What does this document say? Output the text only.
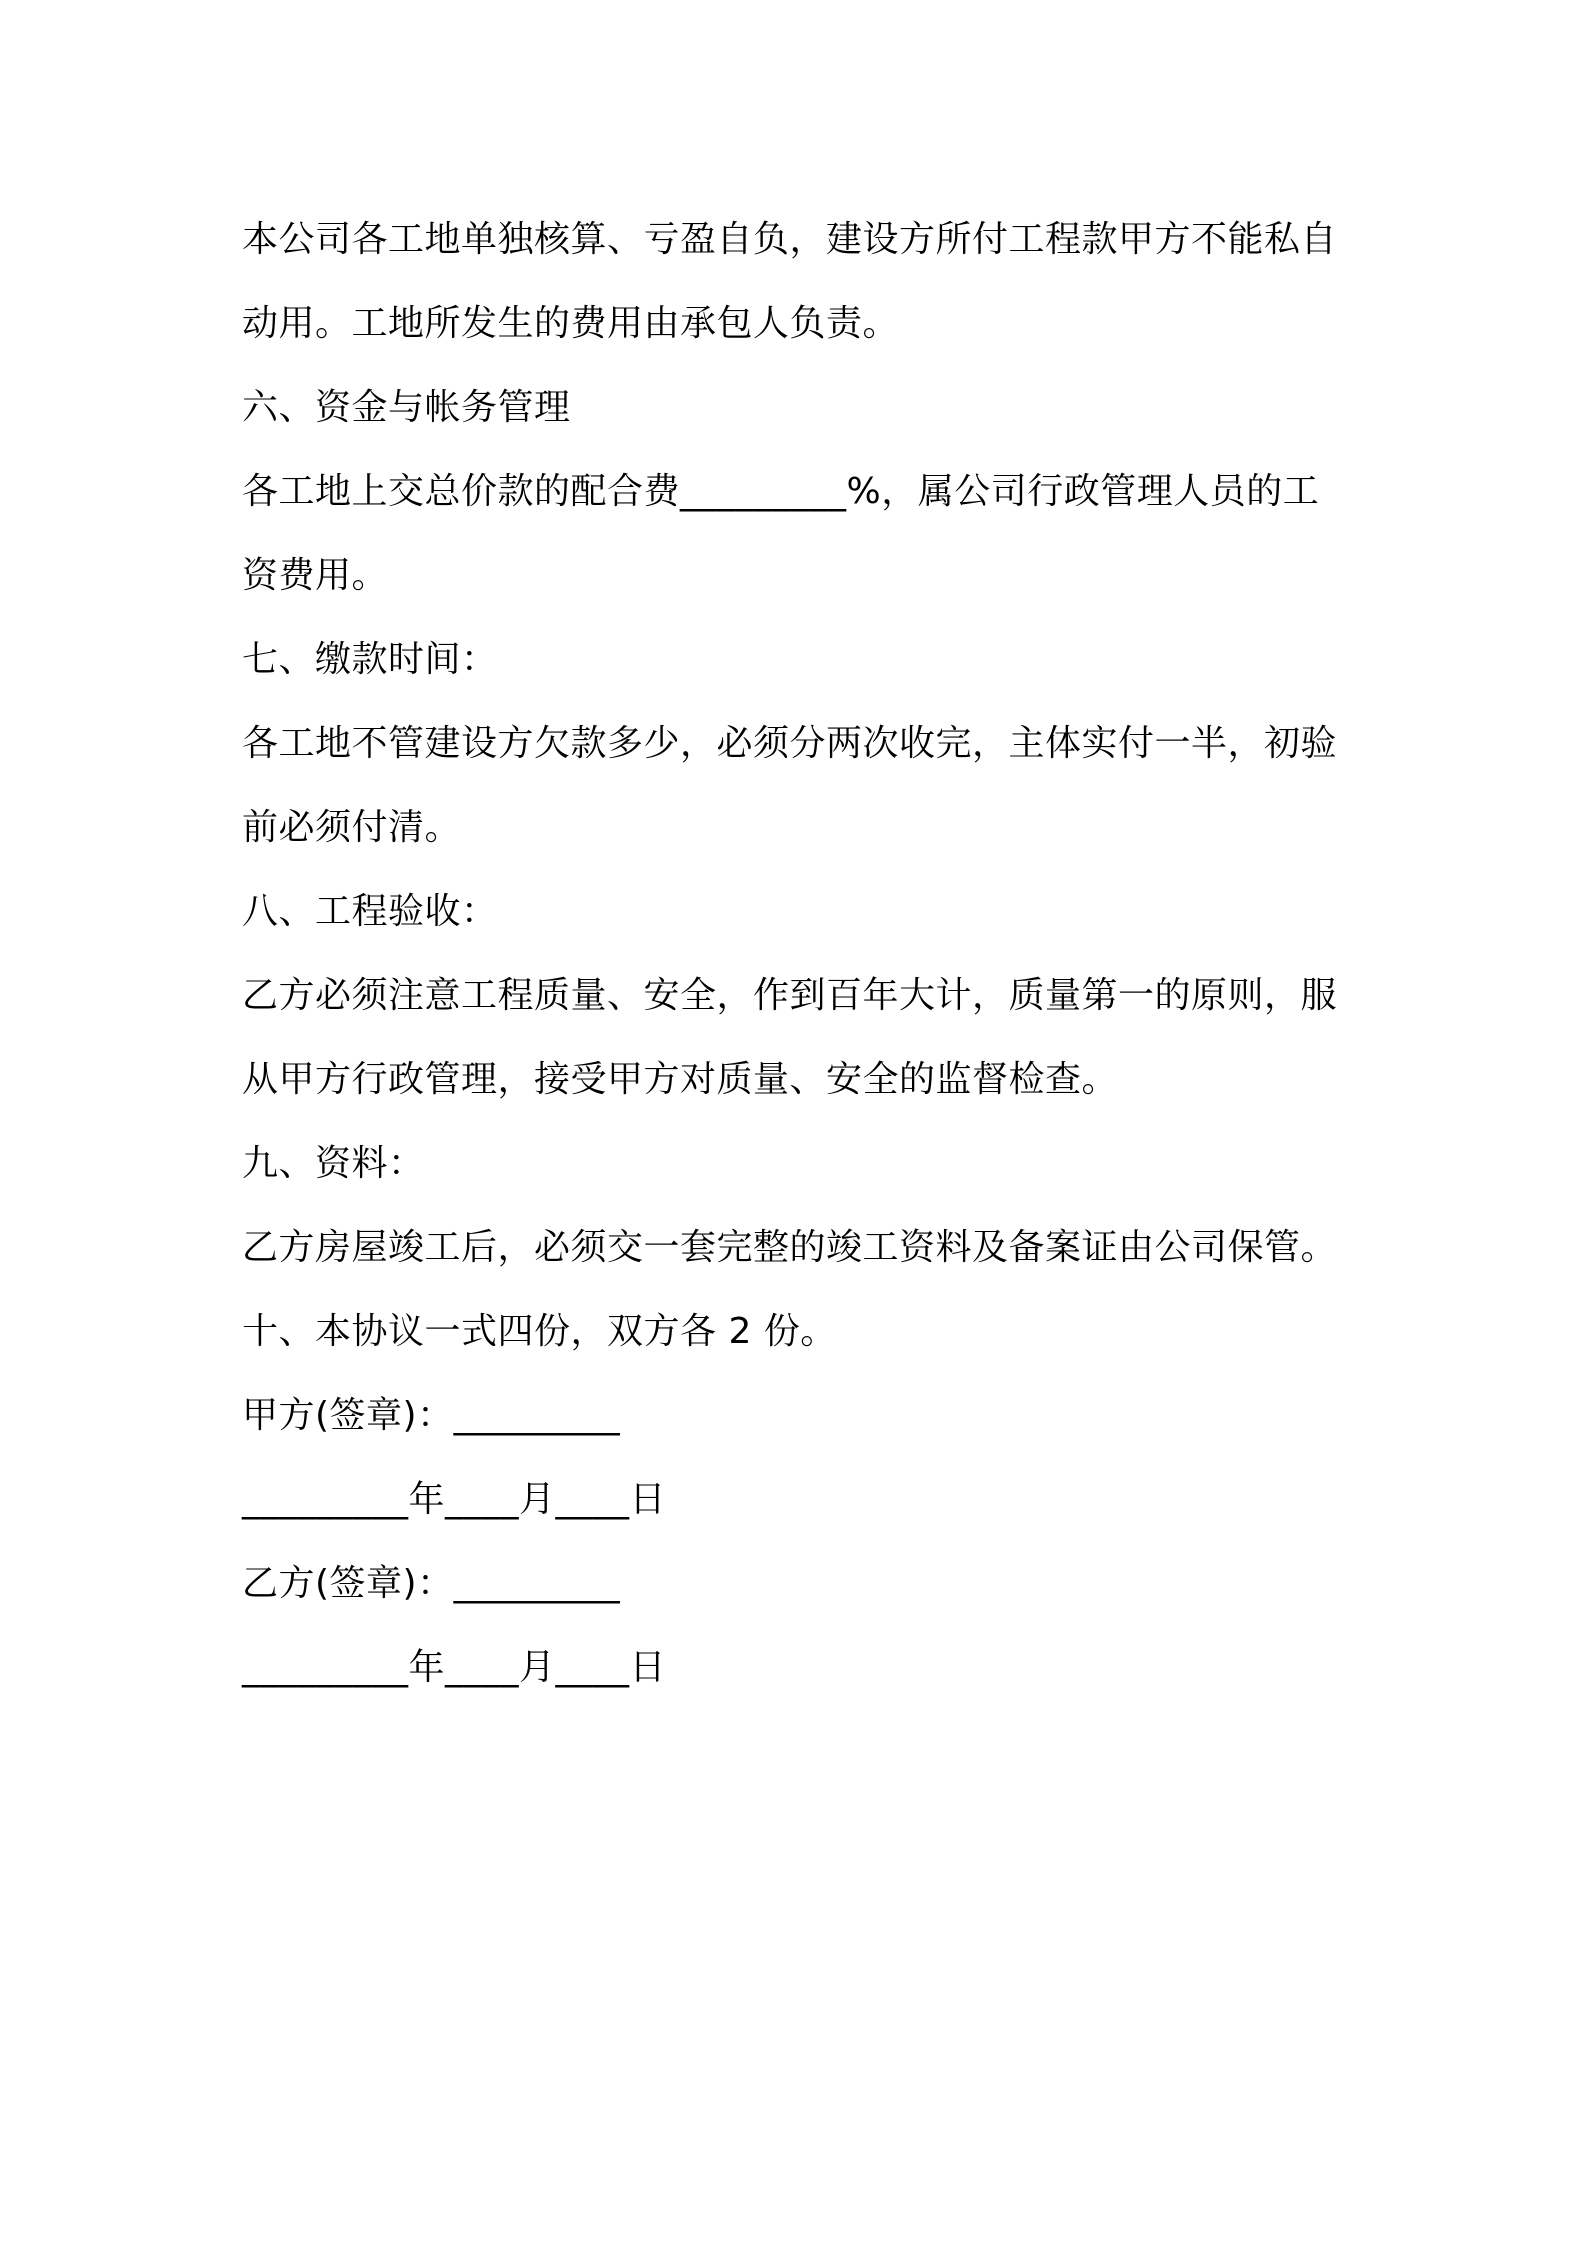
本公司各工地单独核算、亏盈自负，建设方所付工程款甲方不能私自
动用。工地所发生的费用由承包人负责。
六、资金与帐务管理
各工地上交总价款的配合费_________%，属公司行政管理人员的工
资费用。
七、缴款时间：
各工地不管建设方欠款多少，必须分两次收完，主体实付一半，初验
前必须付清。
八、工程验收：
乙方必须注意工程质量、安全，作到百年大计，质量第一的原则，服
从甲方行政管理，接受甲方对质量、安全的监督检查。
九、资料：
乙方房屋竣工后，必须交一套完整的竣工资料及备案证由公司保管。
十、本协议一式四份，双方各 2 份。
甲方(签章)：_________
_________年____月____日
乙方(签章)：_________
_________年____月____日
